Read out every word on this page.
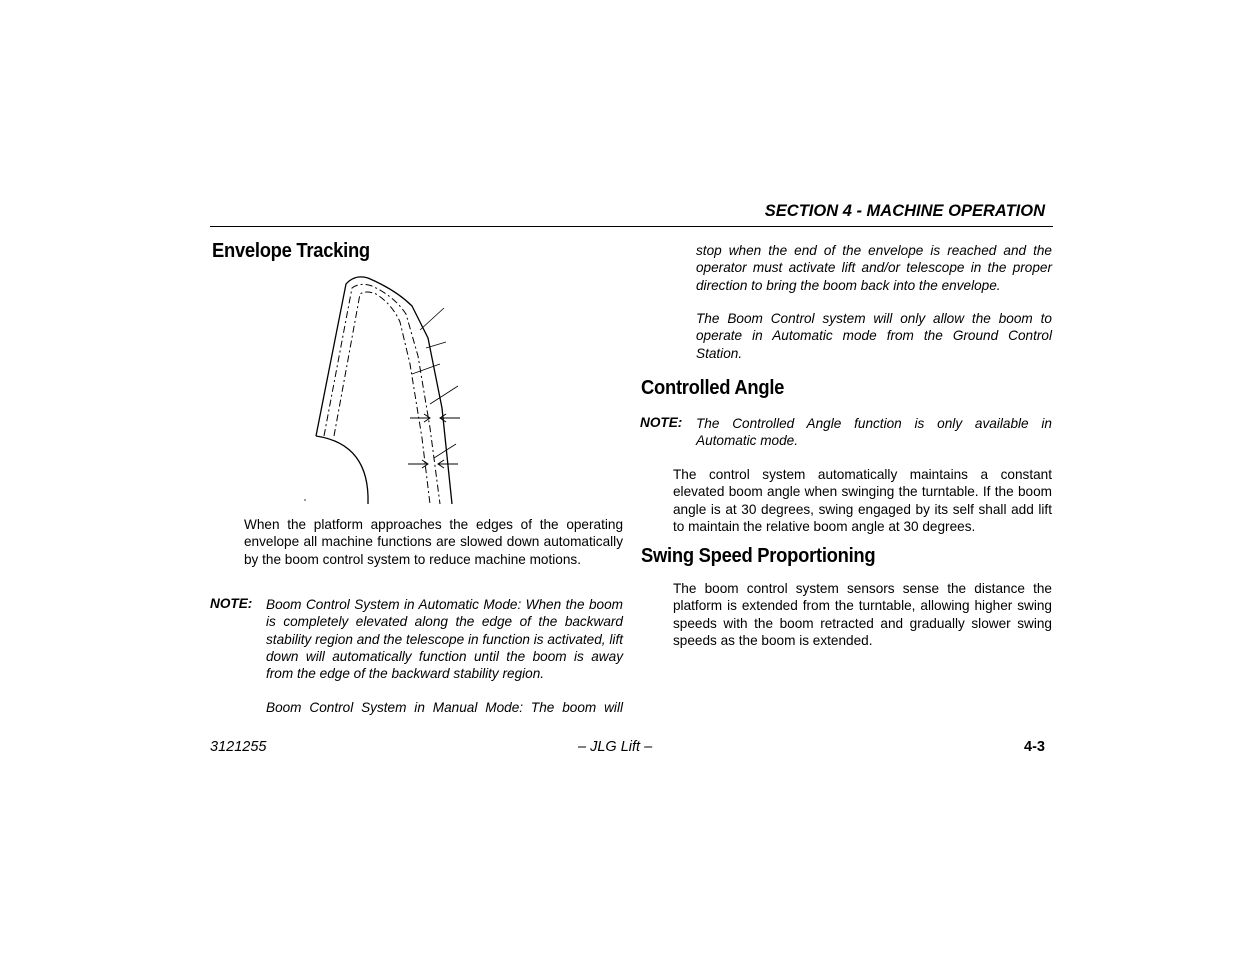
SECTION 4 - MACHINE OPERATION
Envelope Tracking
When the platform approaches the edges of the operating envelope all machine functions are slowed down automatically by the boom control system to reduce machine motions.
NOTE: Boom Control System in Automatic Mode: When the boom is completely elevated along the edge of the backward stability region and the telescope in function is activated, lift down will automatically function until the boom is away from the edge of the backward stability region.
Boom Control System in Manual Mode: The boom will
stop when the end of the envelope is reached and the operator must activate lift and/or telescope in the proper direction to bring the boom back into the envelope.
The Boom Control system will only allow the boom to operate in Automatic mode from the Ground Control Station.
Controlled Angle
NOTE: The Controlled Angle function is only available in Automatic mode.
The control system automatically maintains a constant elevated boom angle when swinging the turntable. If the boom angle is at 30 degrees, swing engaged by its self shall add lift to maintain the relative boom angle at 30 degrees.
Swing Speed Proportioning
The boom control system sensors sense the distance the platform is extended from the turntable, allowing higher swing speeds with the boom retracted and gradually slower swing speeds as the boom is extended.
3121255	– JLG Lift –	4-3
